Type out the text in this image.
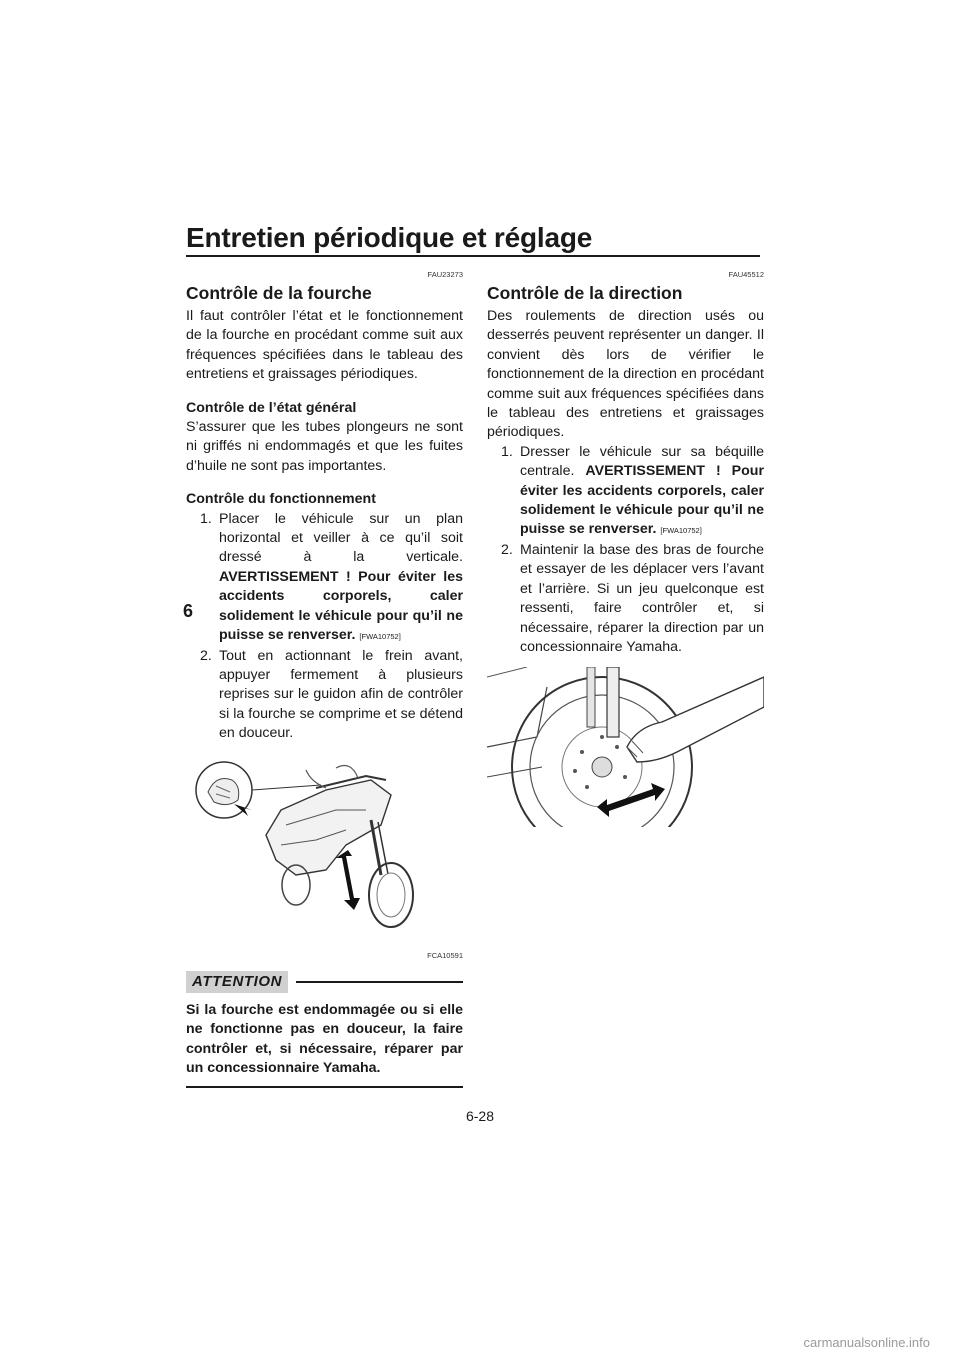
Entretien périodique et réglage
6
FAU23273
Contrôle de la fourche

Il faut contrôler l’état et le fonctionnement de la fourche en procédant comme suit aux fréquences spécifiées dans le tableau des entretiens et graissages périodiques.

Contrôle de l’état général

S’assurer que les tubes plongeurs ne sont ni griffés ni endommagés et que les fuites d’huile ne sont pas importantes.

Contrôle du fonctionnement
1. Placer le véhicule sur un plan horizontal et veiller à ce qu’il soit dressé à la verticale. AVERTISSEMENT ! Pour éviter les accidents corporels, caler solidement le véhicule pour qu’il ne puisse se renverser. [FWA10752]
2. Tout en actionnant le frein avant, appuyer fermement à plusieurs reprises sur le guidon afin de contrôler si la fourche se comprime et se détend en douceur.
FCA10591
ATTENTION
Si la fourche est endommagée ou si elle ne fonctionne pas en douceur, la faire contrôler et, si nécessaire, réparer par un concessionnaire Yamaha.
FAU45512
Contrôle de la direction

Des roulements de direction usés ou desserrés peuvent représenter un danger. Il convient dès lors de vérifier le fonctionnement de la direction en procédant comme suit aux fréquences spécifiées dans le tableau des entretiens et graissages périodiques.

1. Dresser le véhicule sur sa béquille centrale. AVERTISSEMENT ! Pour éviter les accidents corporels, caler solidement le véhicule pour qu’il ne puisse se renverser. [FWA10752]
2. Maintenir la base des bras de fourche et essayer de les déplacer vers l’avant et l’arrière. Si un jeu quelconque est ressenti, faire contrôler et, si nécessaire, réparer la direction par un concessionnaire Yamaha.
6-28
carmanualsonline.info
